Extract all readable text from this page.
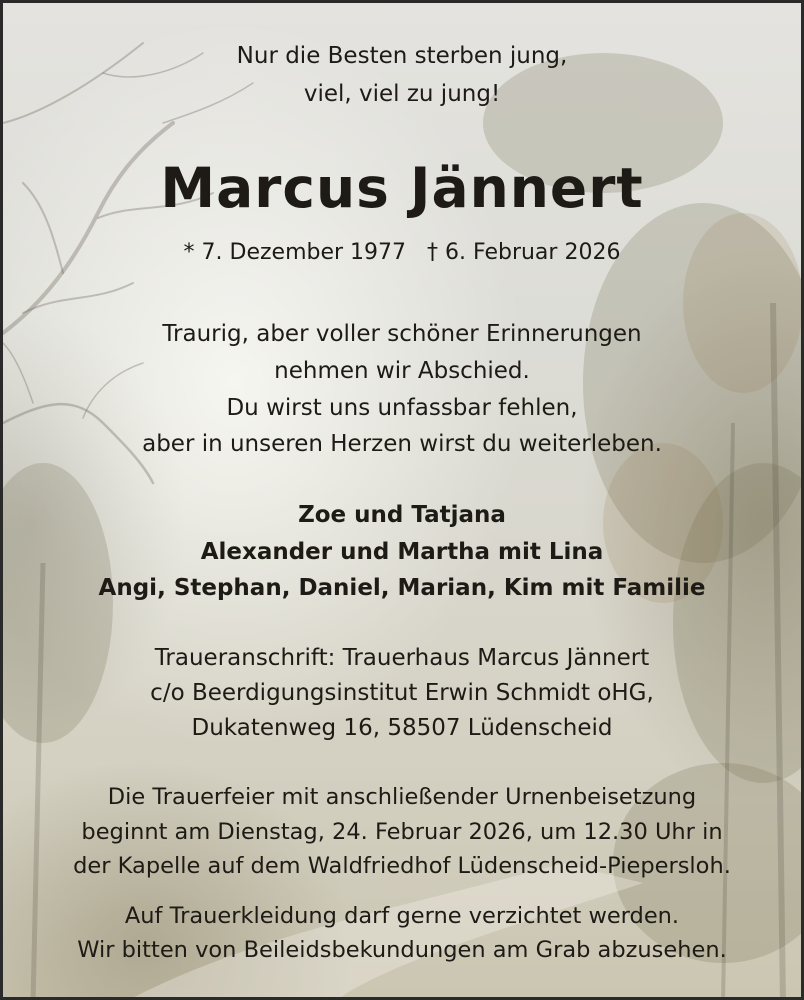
Nur die Besten sterben jung,
viel, viel zu jung!
Marcus Jännert
* 7. Dezember 1977   † 6. Februar 2026
Traurig, aber voller schöner Erinnerungen
nehmen wir Abschied.
Du wirst uns unfassbar fehlen,
aber in unseren Herzen wirst du weiterleben.
Zoe und Tatjana
Alexander und Martha mit Lina
Angi, Stephan, Daniel, Marian, Kim mit Familie
Traueranschrift: Trauerhaus Marcus Jännert
c/o Beerdigungsinstitut Erwin Schmidt oHG,
Dukatenweg 16, 58507 Lüdenscheid
Die Trauerfeier mit anschließender Urnenbeisetzung
beginnt am Dienstag, 24. Februar 2026, um 12.30 Uhr in
der Kapelle auf dem Waldfriedhof Lüdenscheid-Piepersloh.
Auf Trauerkleidung darf gerne verzichtet werden.
Wir bitten von Beileidsbekundungen am Grab abzusehen.
